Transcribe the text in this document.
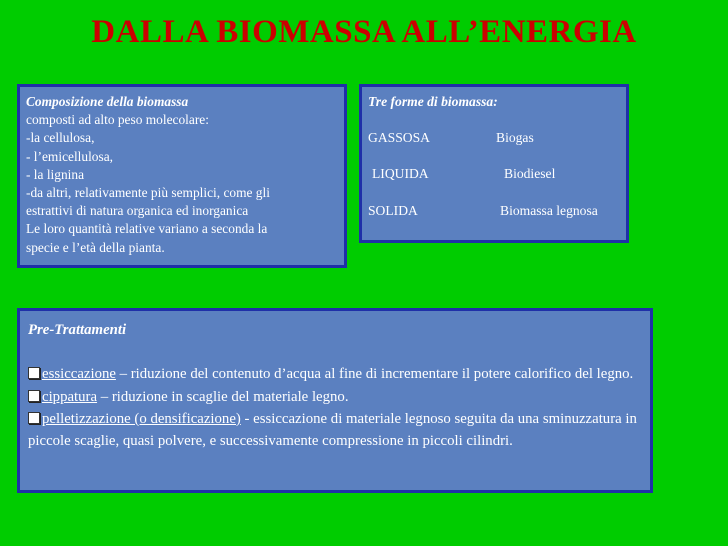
DALLA BIOMASSA ALL’ENERGIA
Composizione della biomassa
composti ad alto peso molecolare:
-la cellulosa,
- l’emicellulosa,
- la lignina
-da altri, relativamente più semplici, come gli
estrattivi di natura organica ed inorganica
Le loro quantità relative variano a seconda la
specie e l’età della pianta.
Tre forme di biomassa:
GASSOSA	Biogas
LIQUIDA	Biodiesel
SOLIDA	Biomassa legnosa
Pre-Trattamenti
essiccazione – riduzione del contenuto d’acqua al fine di incrementare il potere calorifico del legno.
cippatura – riduzione in scaglie del materiale legno.
pelletizzazione (o densificazione) - essiccazione di materiale legnoso seguita da una sminuzzatura in piccole scaglie, quasi polvere, e successivamente compressione in piccoli cilindri.
